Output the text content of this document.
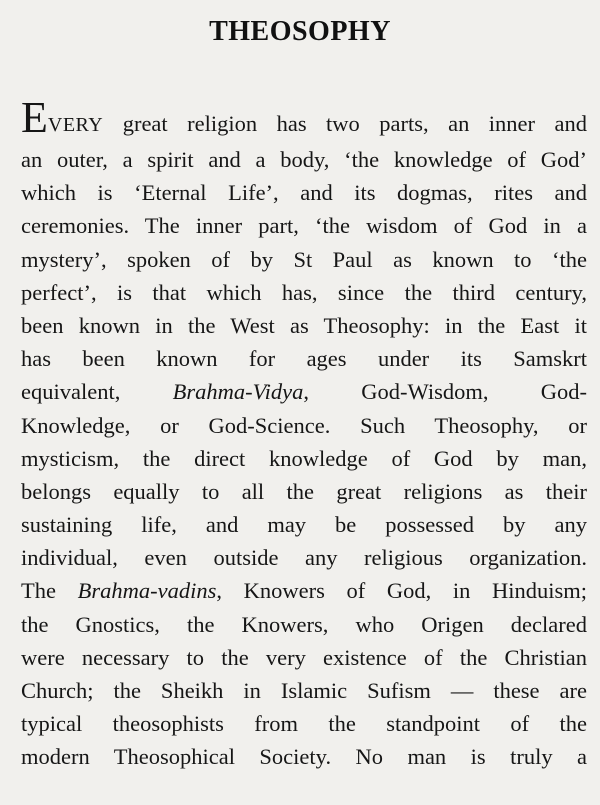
THEOSOPHY
EVERY great religion has two parts, an inner and
an outer, a spirit and a body, ‘the knowledge of God’
which is ‘Eternal Life’, and its dogmas, rites and
ceremonies. The inner part, ‘the wisdom of God in a
mystery’, spoken of by St Paul as known to ‘the
perfect’, is that which has, since the third century,
been known in the West as Theosophy: in the East it
has been known for ages under its Samskrt
equivalent, Brahma-Vidya, God-Wisdom, God-
Knowledge, or God-Science. Such Theosophy, or
mysticism, the direct knowledge of God by man,
belongs equally to all the great religions as their
sustaining life, and may be possessed by any
individual, even outside any religious organization.
The Brahma-vadins, Knowers of God, in Hinduism;
the Gnostics, the Knowers, who Origen declared
were necessary to the very existence of the Christian
Church; the Sheikh in Islamic Sufism — these are
typical theosophists from the standpoint of the
modern Theosophical Society. No man is truly a
